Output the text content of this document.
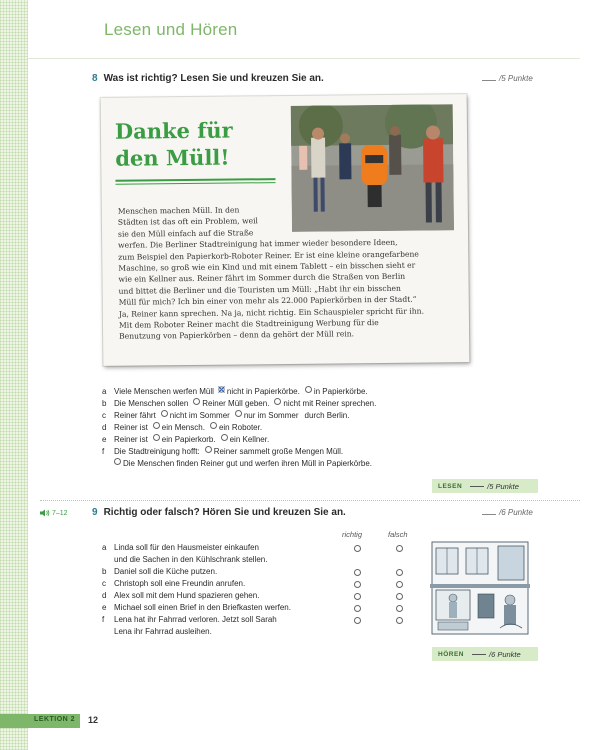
Lesen und Hören
8 Was ist richtig? Lesen Sie und kreuzen Sie an.	/5 Punkte
Danke für
den Müll!

Menschen machen Müll. In den

Städten ist das oft ein Problem, weil

sie den Müll einfach auf die Straße

werfen. Die Berliner Stadtreinigung hat immer wieder besondere Ideen,

zum Beispiel den Papierkorb-Roboter Reiner. Er ist eine kleine orangefarbene

Maschine, so groß wie ein Kind und mit einem Tablett – ein bisschen sieht er

wie ein Kellner aus. Reiner fährt im Sommer durch die Straßen von Berlin

und bittet die Berliner und die Touristen um Müll: „Habt ihr ein bisschen

Müll für mich? Ich bin einer von mehr als 22.000 Papierkörben in der Stadt.“

Ja, Reiner kann sprechen. Na ja, nicht richtig. Ein Schauspieler spricht für ihn.

Mit dem Roboter Reiner macht die Stadtreinigung Werbung für die

Benutzung von Papierkörben – denn da gehört der Müll rein.

a Viele Menschen werfen Müll nicht in Papierkörbe. in Papierkörbe.
b Die Menschen sollen Reiner Müll geben. nicht mit Reiner sprechen.
c	Reiner fährt nicht im Sommer nur im Sommer durch Berlin.
d Reiner ist ein Mensch. ein Roboter.
e Reiner ist ein Papierkorb. ein Kellner.
f	Die Stadtreinigung hofft: Reiner sammelt große Mengen Müll.
Die Menschen finden Reiner gut und werfen ihren Müll in Papierkörbe.
LESEN	/5 Punkte
7–12 9 Richtig oder falsch? Hören Sie und kreuzen Sie an.	/6 Punkte
richtig	falsch
a Linda soll für den Hausmeister einkaufen
und die Sachen in den Kühlschrank stellen.
b Daniel soll die Küche putzen.
c	Christoph soll eine Freundin anrufen.
d Alex soll mit dem Hund spazieren gehen.
e Michael soll einen Brief in den Briefkasten werfen.
f	Lena hat ihr Fahrrad verloren. Jetzt soll Sarah
Lena ihr Fahrrad ausleihen.
HÖREN	/6 Punkte
LEKTION 2 12
